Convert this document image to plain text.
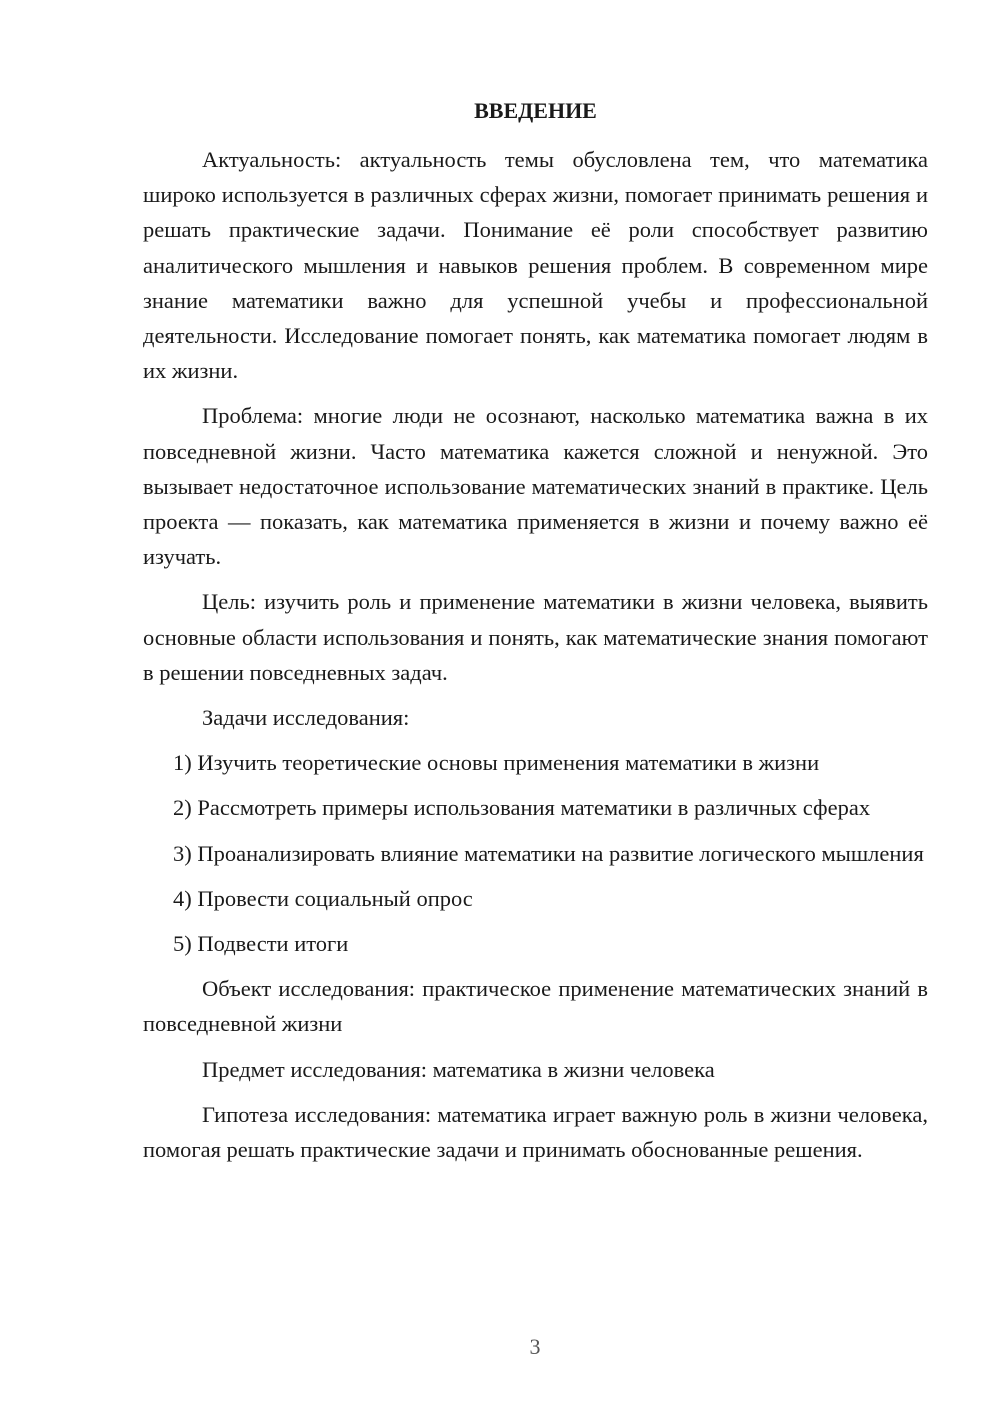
ВВЕДЕНИЕ

Актуальность: актуальность темы обусловлена тем, что математика широко используется в различных сферах жизни, помогает принимать решения и решать практические задачи. Понимание её роли способствует развитию аналитического мышления и навыков решения проблем. В современном мире знание математики важно для успешной учебы и профессиональной деятельности. Исследование помогает понять, как математика помогает людям в их жизни.

Проблема: многие люди не осознают, насколько математика важна в их повседневной жизни. Часто математика кажется сложной и ненужной. Это вызывает недостаточное использование математических знаний в практике. Цель проекта — показать, как математика применяется в жизни и почему важно её изучать.

Цель: изучить роль и применение математики в жизни человека, выявить основные области использования и понять, как математические знания помогают в решении повседневных задач.

Задачи исследования:

1) Изучить теоретические основы применения математики в жизни

2) Рассмотреть примеры использования математики в различных сферах

3) Проанализировать влияние математики на развитие логического мышления

4) Провести социальный опрос

5) Подвести итоги

Объект исследования: практическое применение математических знаний в повседневной жизни

Предмет исследования: математика в жизни человека

Гипотеза исследования: математика играет важную роль в жизни человека, помогая решать практические задачи и принимать обоснованные решения.

3
